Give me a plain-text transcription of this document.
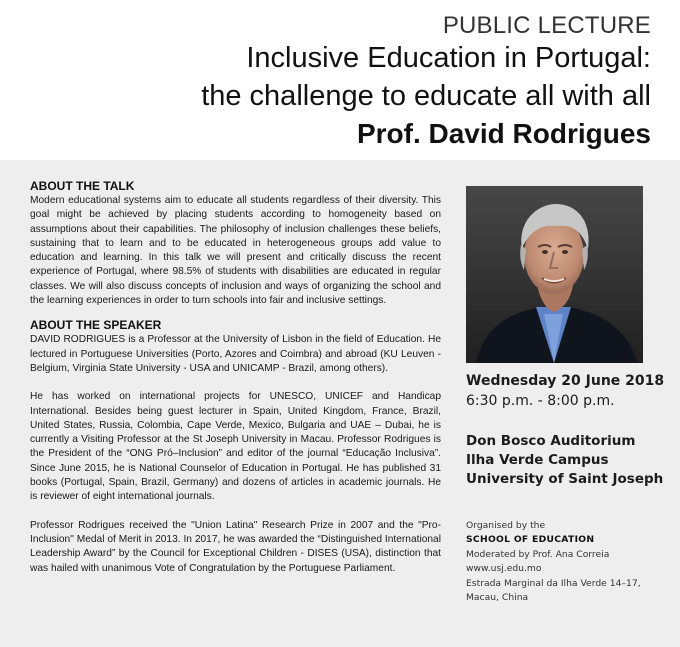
PUBLIC LECTURE
Inclusive Education in Portugal:
the challenge to educate all with all
Prof. David Rodrigues
ABOUT THE TALK

Modern educational systems aim to educate all students regardless of their diversity. This goal might be achieved by placing students according to homogeneity based on assumptions about their capabilities. The philosophy of inclusion challenges these beliefs, sustaining that to learn and to be educated in heterogeneous groups add value to education and learning. In this talk we will present and critically discuss the recent experience of Portugal, where 98.5% of students with disabilities are educated in regular classes. We will also discuss concepts of inclusion and ways of organizing the school and the learning experiences in order to turn schools into fair and inclusive settings.

ABOUT THE SPEAKER

DAVID RODRIGUES is a Professor at the University of Lisbon in the field of Education. He lectured in Portuguese Universities (Porto, Azores and Coimbra) and abroad (KU Leuven - Belgium, Virginia State University - USA and UNICAMP - Brazil, among others).

He has worked on international projects for UNESCO, UNICEF and Handicap International. Besides being guest lecturer in Spain, United Kingdom, France, Brazil, United States, Russia, Colombia, Cape Verde, Mexico, Bulgaria and UAE – Dubai, he is currently a Visiting Professor at the St Joseph University in Macau. Professor Rodrigues is the President of the “ONG Pró–Inclusion” and editor of the journal “Educação Inclusiva”. Since June 2015, he is National Counselor of Education in Portugal. He has published 31 books (Portugal, Spain, Brazil, Germany) and dozens of articles in academic journals. He is reviewer of eight international journals.

Professor Rodrigues received the "Union Latina" Research Prize in 2007 and the "Pro-Inclusion" Medal of Merit in 2013. In 2017, he was awarded the “Distinguished International Leadership Award” by the Council for Exceptional Children - DISES (USA), distinction that was hailed with unanimous Vote of Congratulation by the Portuguese Parliament.

Wednesday 20 June 2018
6:30 p.m. - 8:00 p.m.
Don Bosco Auditorium
Ilha Verde Campus
University of Saint Joseph
Organised by the
SCHOOL OF EDUCATION
Moderated by Prof. Ana Correia
www.usj.edu.mo
Estrada Marginal da Ilha Verde 14–17,
Macau, China
